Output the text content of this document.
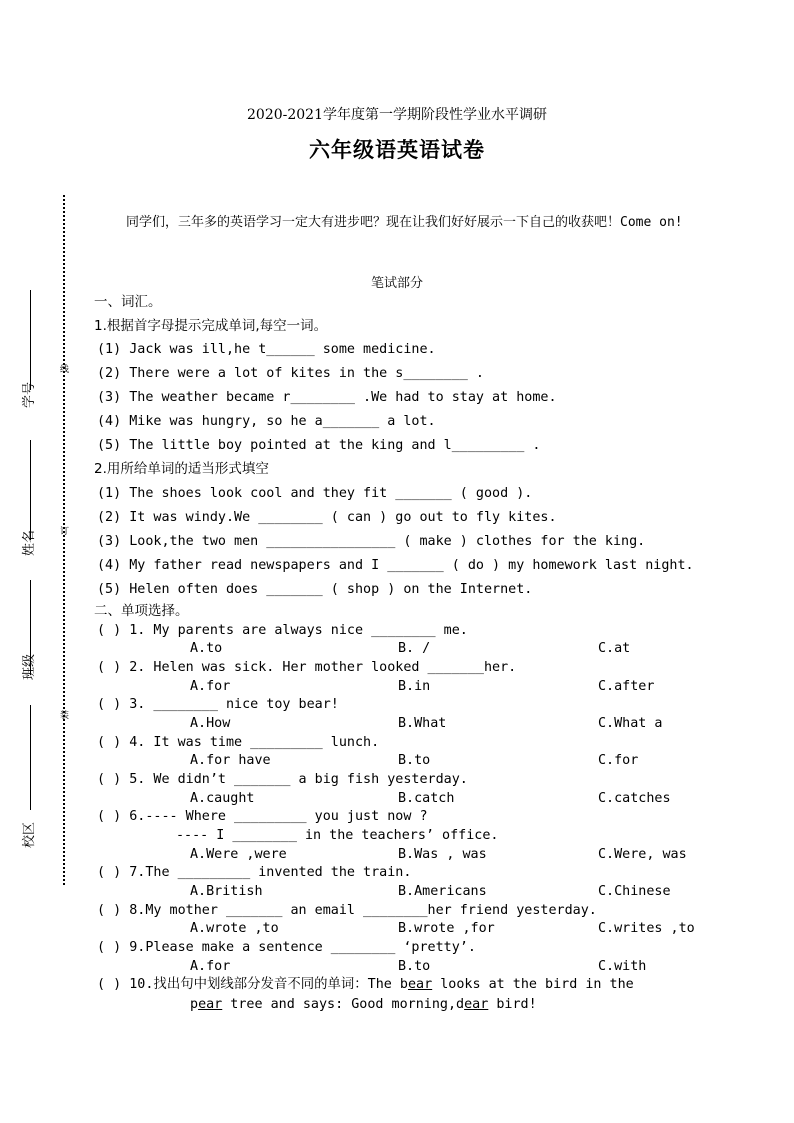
学号
姓名
班级
校区
线
订
装
2020-2021学年度第一学期阶段性学业水平调研
六年级语英语试卷
同学们，三年多的英语学习一定大有进步吧？现在让我们好好展示一下自己的收获吧！Come on!
笔试部分
一、词汇。
1.根据首字母提示完成单词,每空一词。
(1) Jack was ill,he t______ some medicine.
(2) There were a lot of kites in the s________ .
(3) The weather became r________ .We had to stay at home.
(4) Mike was hungry, so he a_______ a lot.
(5) The little boy pointed at the king and l_________ .
2.用所给单词的适当形式填空
(1) The shoes look cool and they fit _______ ( good ).
(2) It was windy.We ________ ( can ) go out to fly kites.
(3) Look,the two men ________________ ( make ) clothes for the king.
(4) My father read newspapers and I _______ ( do ) my homework last night.
(5) Helen often does _______ ( shop ) on the Internet.
二、单项选择。
( ) 1. My parents are always nice ________ me.
A.to	B. /	C.at
( ) 2. Helen was sick. Her mother looked _______her.
A.for	B.in	C.after
( ) 3. ________ nice toy bear!
A.How	B.What	C.What a
( ) 4. It was time _________ lunch.
A.for have	B.to	C.for
( ) 5. We didn’t _______ a big fish yesterday.
A.caught	B.catch	C.catches
( ) 6.---- Where _________ you just now ?
---- I ________ in the teachers’ office.
A.Were ,were	B.Was , was	C.Were, was
( ) 7.The _________ invented the train.
A.British	B.Americans	C.Chinese
( ) 8.My mother _______ an email ________her friend yesterday.
A.wrote ,to	B.wrote ,for	C.writes ,to
( ) 9.Please make a sentence ________ ‘pretty’.
A.for	B.to	C.with
( ) 10.找出句中划线部分发音不同的单词：The bear looks at the bird in the
pear tree and says: Good morning,dear bird!
